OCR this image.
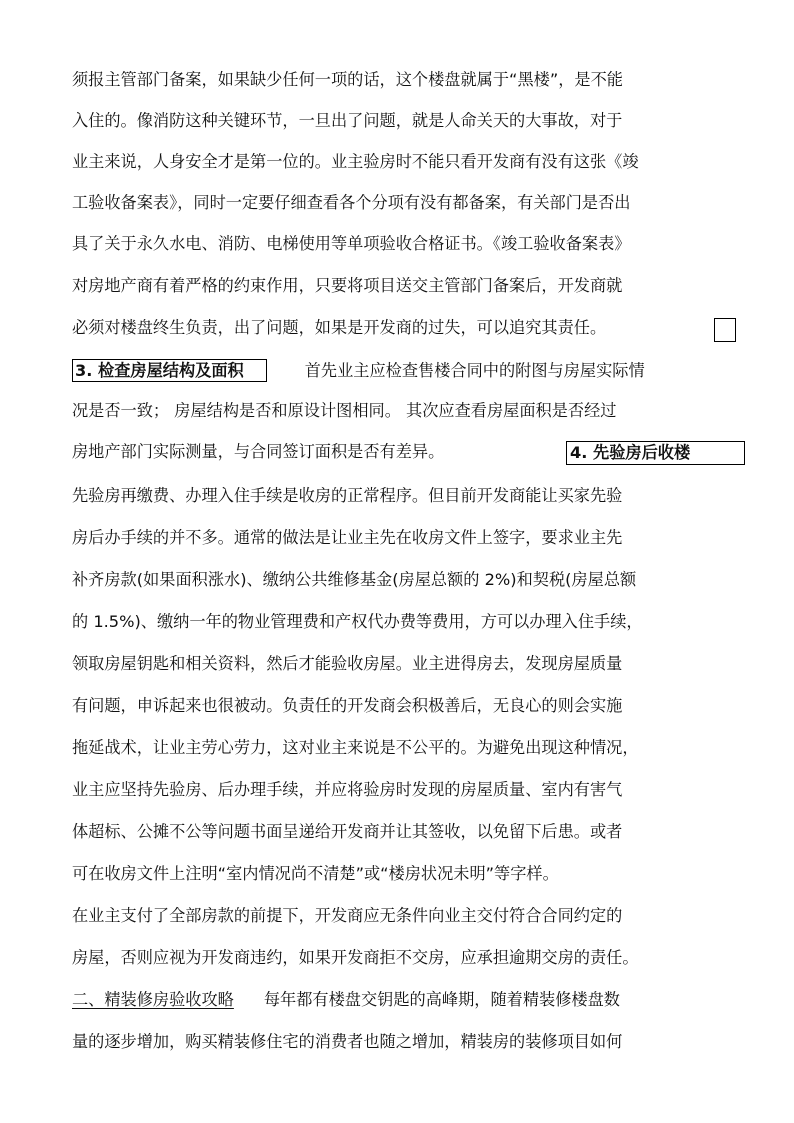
须报主管部门备案，如果缺少任何一项的话，这个楼盘就属于“黑楼”，是不能
入住的。像消防这种关键环节，一旦出了问题，就是人命关天的大事故，对于
业主来说，人身安全才是第一位的。业主验房时不能只看开发商有没有这张《竣
工验收备案表》，同时一定要仔细查看各个分项有没有都备案，有关部门是否出
具了关于永久水电、消防、电梯使用等单项验收合格证书。《竣工验收备案表》
对房地产商有着严格的约束作用，只要将项目送交主管部门备案后，开发商就
必须对楼盘终生负责，出了问题，如果是开发商的过失，可以追究其责任。
3. 检查房屋结构及面积	首先业主应检查售楼合同中的附图与房屋实际情
况是否一致； 房屋结构是否和原设计图相同。 其次应查看房屋面积是否经过
房地产部门实际测量，与合同签订面积是否有差异。	4. 先验房后收楼
先验房再缴费、办理入住手续是收房的正常程序。但目前开发商能让买家先验
房后办手续的并不多。通常的做法是让业主先在收房文件上签字，要求业主先
补齐房款(如果面积涨水)、缴纳公共维修基金(房屋总额的 2%)和契税(房屋总额
的 1.5%)、缴纳一年的物业管理费和产权代办费等费用，方可以办理入住手续，
领取房屋钥匙和相关资料，然后才能验收房屋。业主进得房去，发现房屋质量
有问题，申诉起来也很被动。负责任的开发商会积极善后，无良心的则会实施
拖延战术，让业主劳心劳力，这对业主来说是不公平的。为避免出现这种情况，
业主应坚持先验房、后办理手续，并应将验房时发现的房屋质量、室内有害气
体超标、公摊不公等问题书面呈递给开发商并让其签收，以免留下后患。或者
可在收房文件上注明“室内情况尚不清楚”或“楼房状况未明”等字样。
在业主支付了全部房款的前提下，开发商应无条件向业主交付符合合同约定的
房屋，否则应视为开发商违约，如果开发商拒不交房，应承担逾期交房的责任。
二、精装修房验收攻略 每年都有楼盘交钥匙的高峰期，随着精装修楼盘数
量的逐步增加，购买精装修住宅的消费者也随之增加，精装房的装修项目如何
